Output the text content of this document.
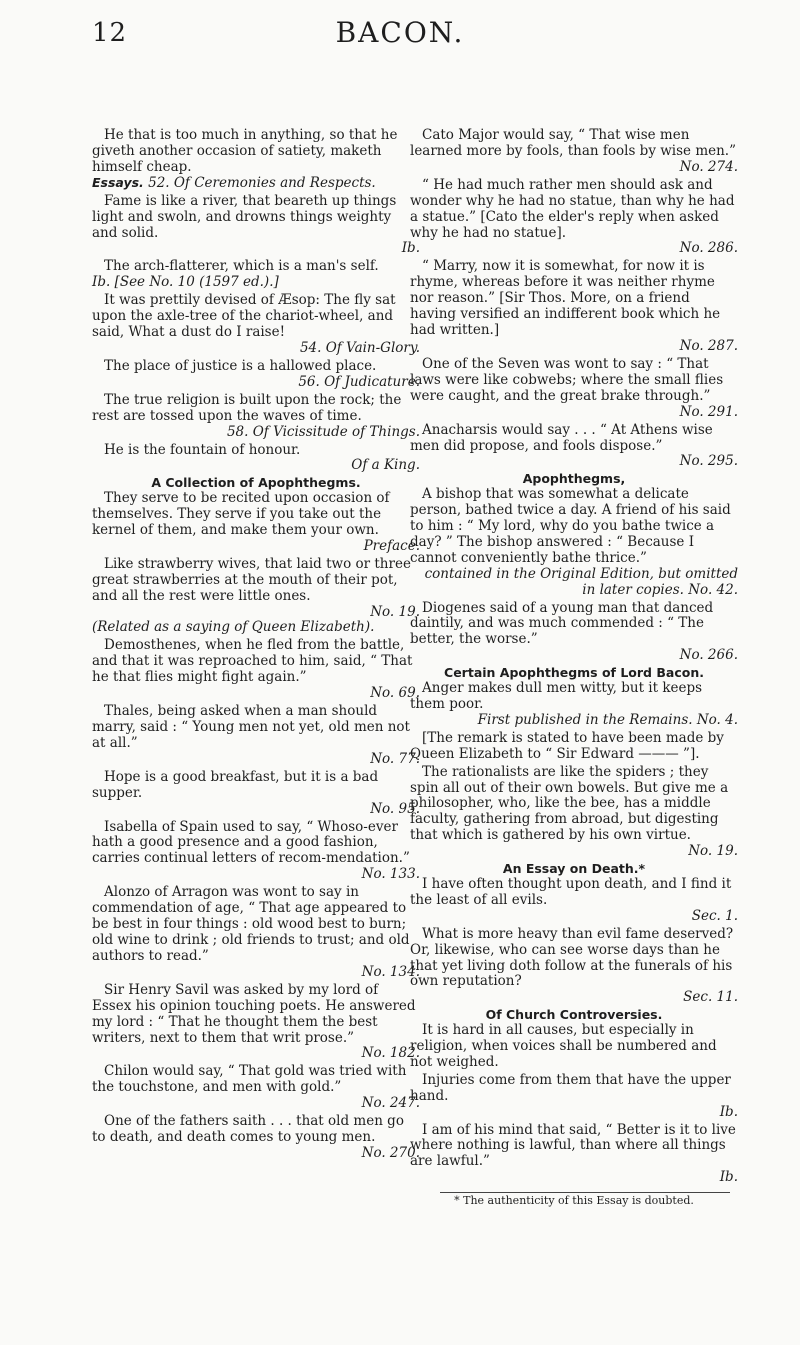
12	BACON.

He that is too much in anything, so that he giveth another occasion of satiety, maketh himself cheap.

Essays. 52. Of Ceremonies and Respects.

Fame is like a river, that beareth up things light and swoln, and drowns things weighty and solid.

Ib.

The arch-flatterer, which is a man's self.

Ib. [See No. 10 (1597 ed.).]

It was prettily devised of Æsop: The fly sat upon the axle-tree of the chariot-wheel, and said, What a dust do I raise!

54. Of Vain-Glory.

The place of justice is a hallowed place.

56. Of Judicature.

The true religion is built upon the rock; the rest are tossed upon the waves of time.

58. Of Vicissitude of Things.

He is the fountain of honour.

Of a King.
A Collection of Apophthegms.

They serve to be recited upon occasion of themselves. They serve if you take out the kernel of them, and make them your own.

Preface.

Like strawberry wives, that laid two or three great strawberries at the mouth of their pot, and all the rest were little ones.

No. 19.
(Related as a saying of Queen Elizabeth).

Demosthenes, when he fled from the battle, and that it was reproached to him, said, “ That he that flies might fight again.”

No. 69.

Thales, being asked when a man should marry, said : “ Young men not yet, old men not at all.”

No. 77.

Hope is a good breakfast, but it is a bad supper.

No. 95.

Isabella of Spain used to say, “ Whoso-ever hath a good presence and a good fashion, carries continual letters of recom-mendation.”

No. 133.

Alonzo of Arragon was wont to say in commendation of age, “ That age appeared to be best in four things : old wood best to burn; old wine to drink ; old friends to trust; and old authors to read.”

No. 134.

Sir Henry Savil was asked by my lord of Essex his opinion touching poets. He answered my lord : “ That he thought them the best writers, next to them that writ prose.”

No. 182.

Chilon would say, “ That gold was tried with the touchstone, and men with gold.”

No. 247.

One of the fathers saith . . . that old men go to death, and death comes to young men.

No. 270.

Cato Major would say, “ That wise men learned more by fools, than fools by wise men.”

No. 274.

“ He had much rather men should ask and wonder why he had no statue, than why he had a statue.” [Cato the elder's reply when asked why he had no statue].

No. 286.

“ Marry, now it is somewhat, for now it is rhyme, whereas before it was neither rhyme nor reason.” [Sir Thos. More, on a friend having versified an indifferent book which he had written.]

No. 287.

One of the Seven was wont to say : “ That laws were like cobwebs; where the small flies were caught, and the great brake through.”

No. 291.

Anacharsis would say . . . “ At Athens wise men did propose, and fools dispose.”

No. 295.
Apophthegms,

A bishop that was somewhat a delicate person, bathed twice a day. A friend of his said to him : “ My lord, why do you bathe twice a day? ” The bishop answered : “ Because I cannot conveniently bathe thrice.”

contained in the Original Edition, but omitted in later copies. No. 42.

Diogenes said of a young man that danced daintily, and was much commended : “ The better, the worse.”

No. 266.
Certain Apophthegms of Lord Bacon.

Anger makes dull men witty, but it keeps them poor.

First published in the Remains. No. 4.

[The remark is stated to have been made by Queen Elizabeth to “ Sir Edward ——— ”].

The rationalists are like the spiders ; they spin all out of their own bowels. But give me a philosopher, who, like the bee, has a middle faculty, gathering from abroad, but digesting that which is gathered by his own virtue.

No. 19.
An Essay on Death.*

I have often thought upon death, and I find it the least of all evils.

Sec. 1.

What is more heavy than evil fame deserved? Or, likewise, who can see worse days than he that yet living doth follow at the funerals of his own reputation?

Sec. 11.
Of Church Controversies.

It is hard in all causes, but especially in religion, when voices shall be numbered and not weighed.

Injuries come from them that have the upper hand.

Ib.

I am of his mind that said, “ Better is it to live where nothing is lawful, than where all things are lawful.”

Ib.
* The authenticity of this Essay is doubted.
